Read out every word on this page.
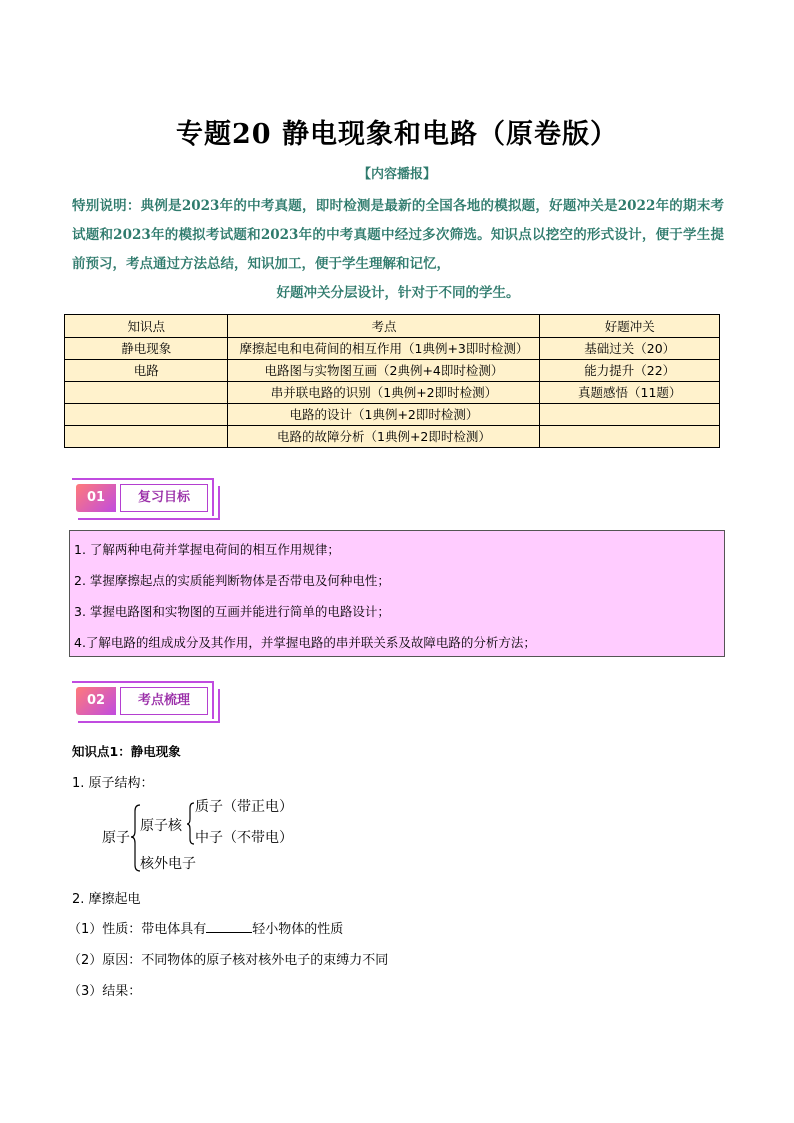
专题20 静电现象和电路（原卷版）
【内容播报】
特别说明：典例是2023年的中考真题，即时检测是最新的全国各地的模拟题，好题冲关是2022年的期末考试题和2023年的模拟考试题和2023年的中考真题中经过多次筛选。知识点以挖空的形式设计，便于学生提前预习，考点通过方法总结，知识加工，便于学生理解和记忆，
好题冲关分层设计，针对于不同的学生。
知识点	考点	好题冲关
静电现象	摩擦起电和电荷间的相互作用（1典例+3即时检测）	基础过关（20）
电路	电路图与实物图互画（2典例+4即时检测）	能力提升（22）
	串并联电路的识别（1典例+2即时检测）	真题感悟（11题）
	电路的设计（1典例+2即时检测）	
	电路的故障分析（1典例+2即时检测）	
01	复习目标
1. 了解两种电荷并掌握电荷间的相互作用规律；
2. 掌握摩擦起点的实质能判断物体是否带电及何种电性；
3. 掌握电路图和实物图的互画并能进行简单的电路设计；
4.了解电路的组成成分及其作用，并掌握电路的串并联关系及故障电路的分析方法；
02	考点梳理
知识点1：静电现象
1. 原子结构：
原子
原子核
质子（带正电）
中子（不带电）
核外电子
2. 摩擦起电
（1）性质：带电体具有	轻小物体的性质
（2）原因：不同物体的原子核对核外电子的束缚力不同
（3）结果：
